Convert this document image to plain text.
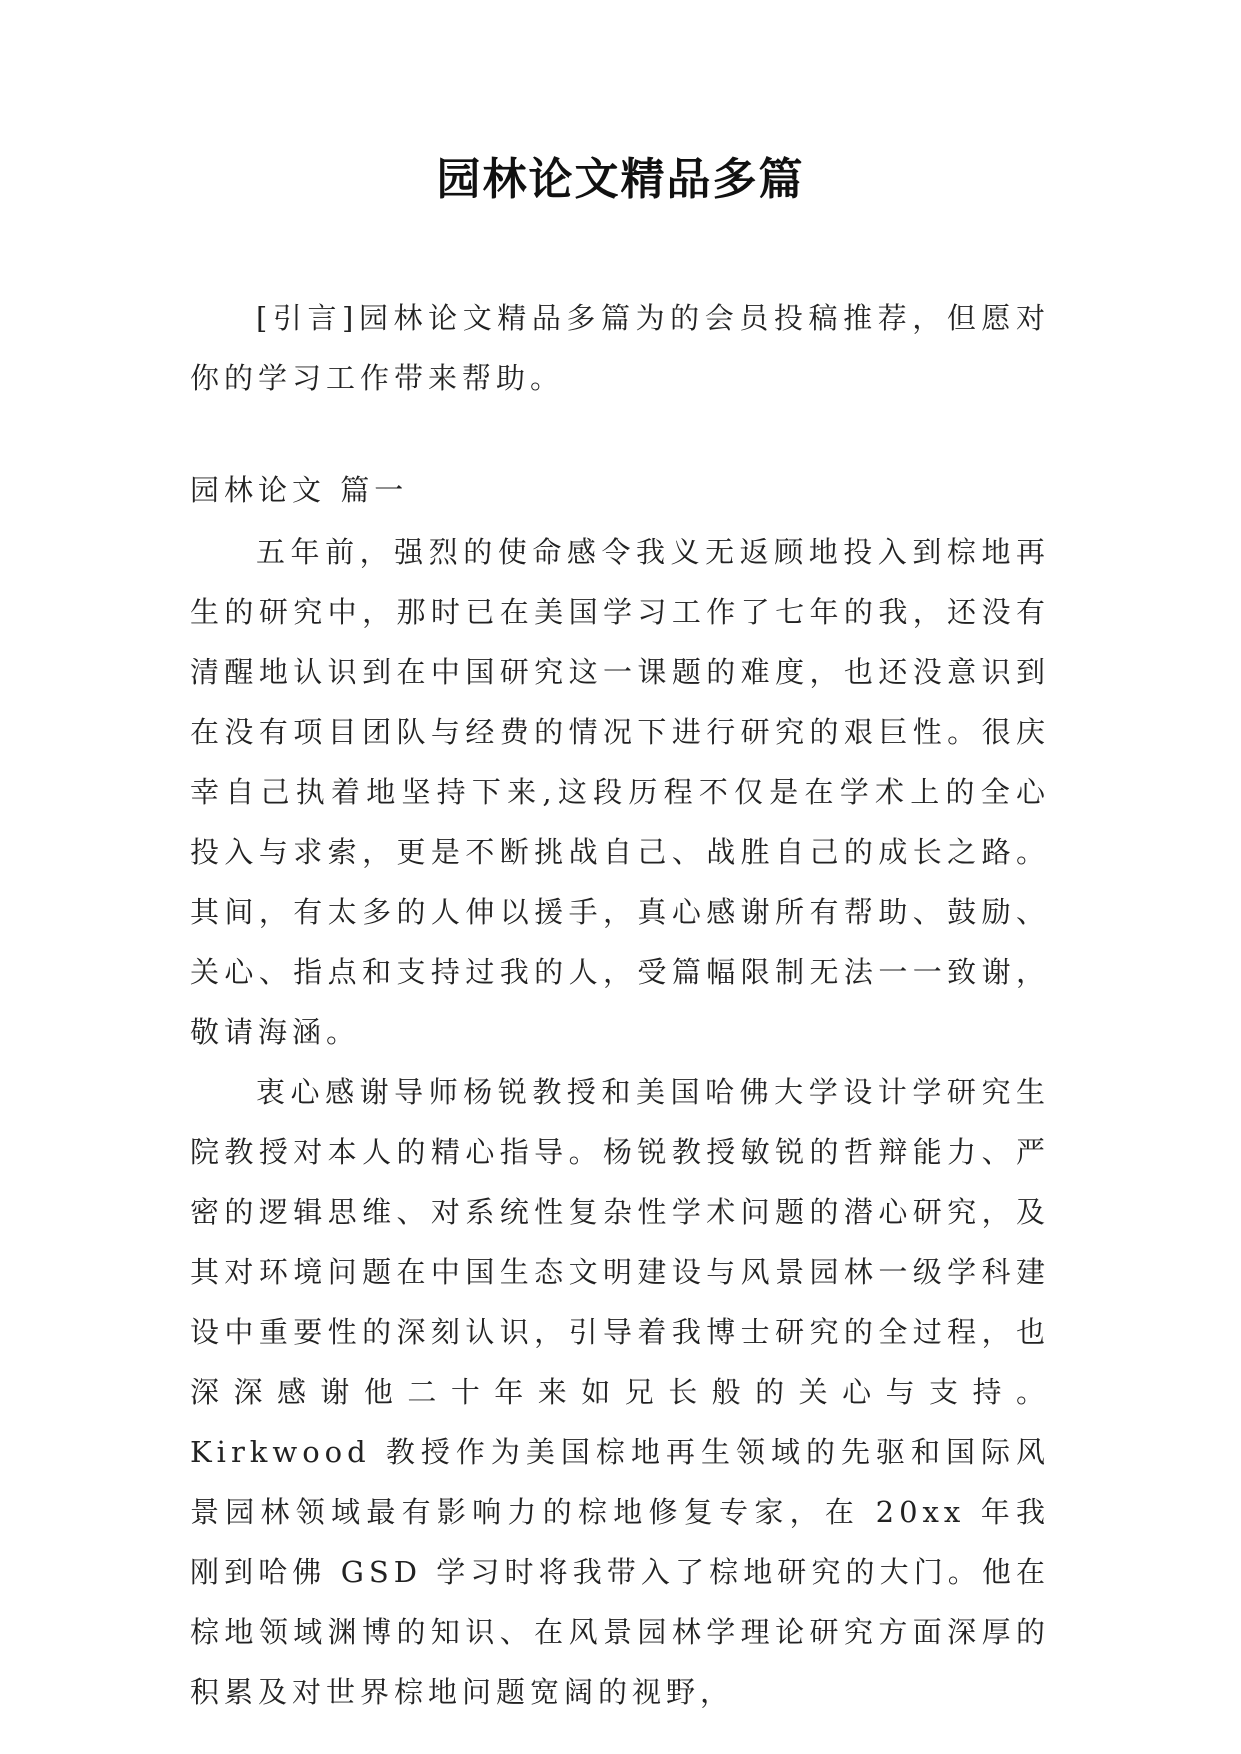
园林论文精品多篇

[引言]园林论文精品多篇为的会员投稿推荐，但愿对你的学习工作带来帮助。

园林论文 篇一

五年前，强烈的使命感令我义无返顾地投入到棕地再生的研究中，那时已在美国学习工作了七年的我，还没有清醒地认识到在中国研究这一课题的难度，也还没意识到在没有项目团队与经费的情况下进行研究的艰巨性。很庆幸自己执着地坚持下来,这段历程不仅是在学术上的全心投入与求索，更是不断挑战自己、战胜自己的成长之路。其间，有太多的人伸以援手，真心感谢所有帮助、鼓励、关心、指点和支持过我的人，受篇幅限制无法一一致谢，敬请海涵。

衷心感谢导师杨锐教授和美国哈佛大学设计学研究生院教授对本人的精心指导。杨锐教授敏锐的哲辩能力、严密的逻辑思维、对系统性复杂性学术问题的潜心研究，及其对环境问题在中国生态文明建设与风景园林一级学科建设中重要性的深刻认识，引导着我博士研究的全过程，也深深感谢他二十年来如兄长般的关心与支持。Kirkwood 教授作为美国棕地再生领域的先驱和国际风景园林领域最有影响力的棕地修复专家，在 20xx 年我刚到哈佛 GSD 学习时将我带入了棕地研究的大门。他在棕地领域渊博的知识、在风景园林学理论研究方面深厚的积累及对世界棕地问题宽阔的视野，
